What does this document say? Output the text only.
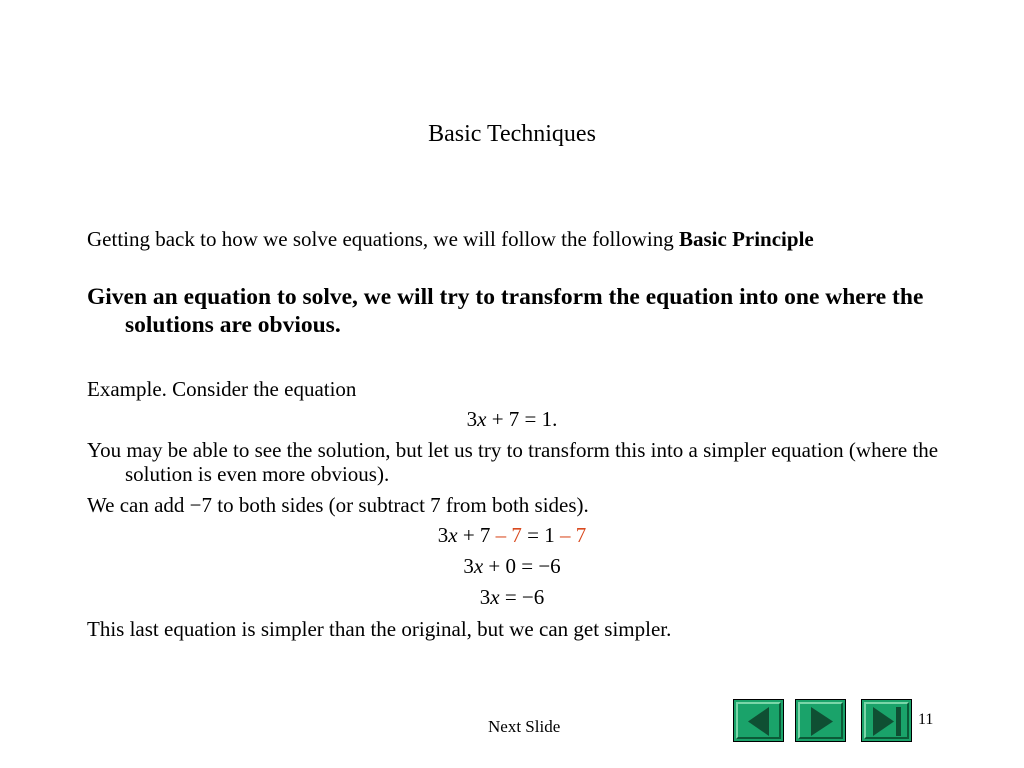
Basic Techniques
Getting back to how we solve equations, we will follow the following Basic Principle
Given an equation to solve, we will try to transform the equation into one where the solutions are obvious.
Example. Consider the equation
3x + 7 = 1.
You may be able to see the solution, but let us try to transform this into a simpler equation (where the solution is even more obvious).
We can add −7 to both sides (or subtract 7 from both sides).
3x + 7 – 7 = 1 – 7
3x + 0 = −6
3x = −6
This last equation is simpler than the original, but we can get simpler.
Next Slide	11
